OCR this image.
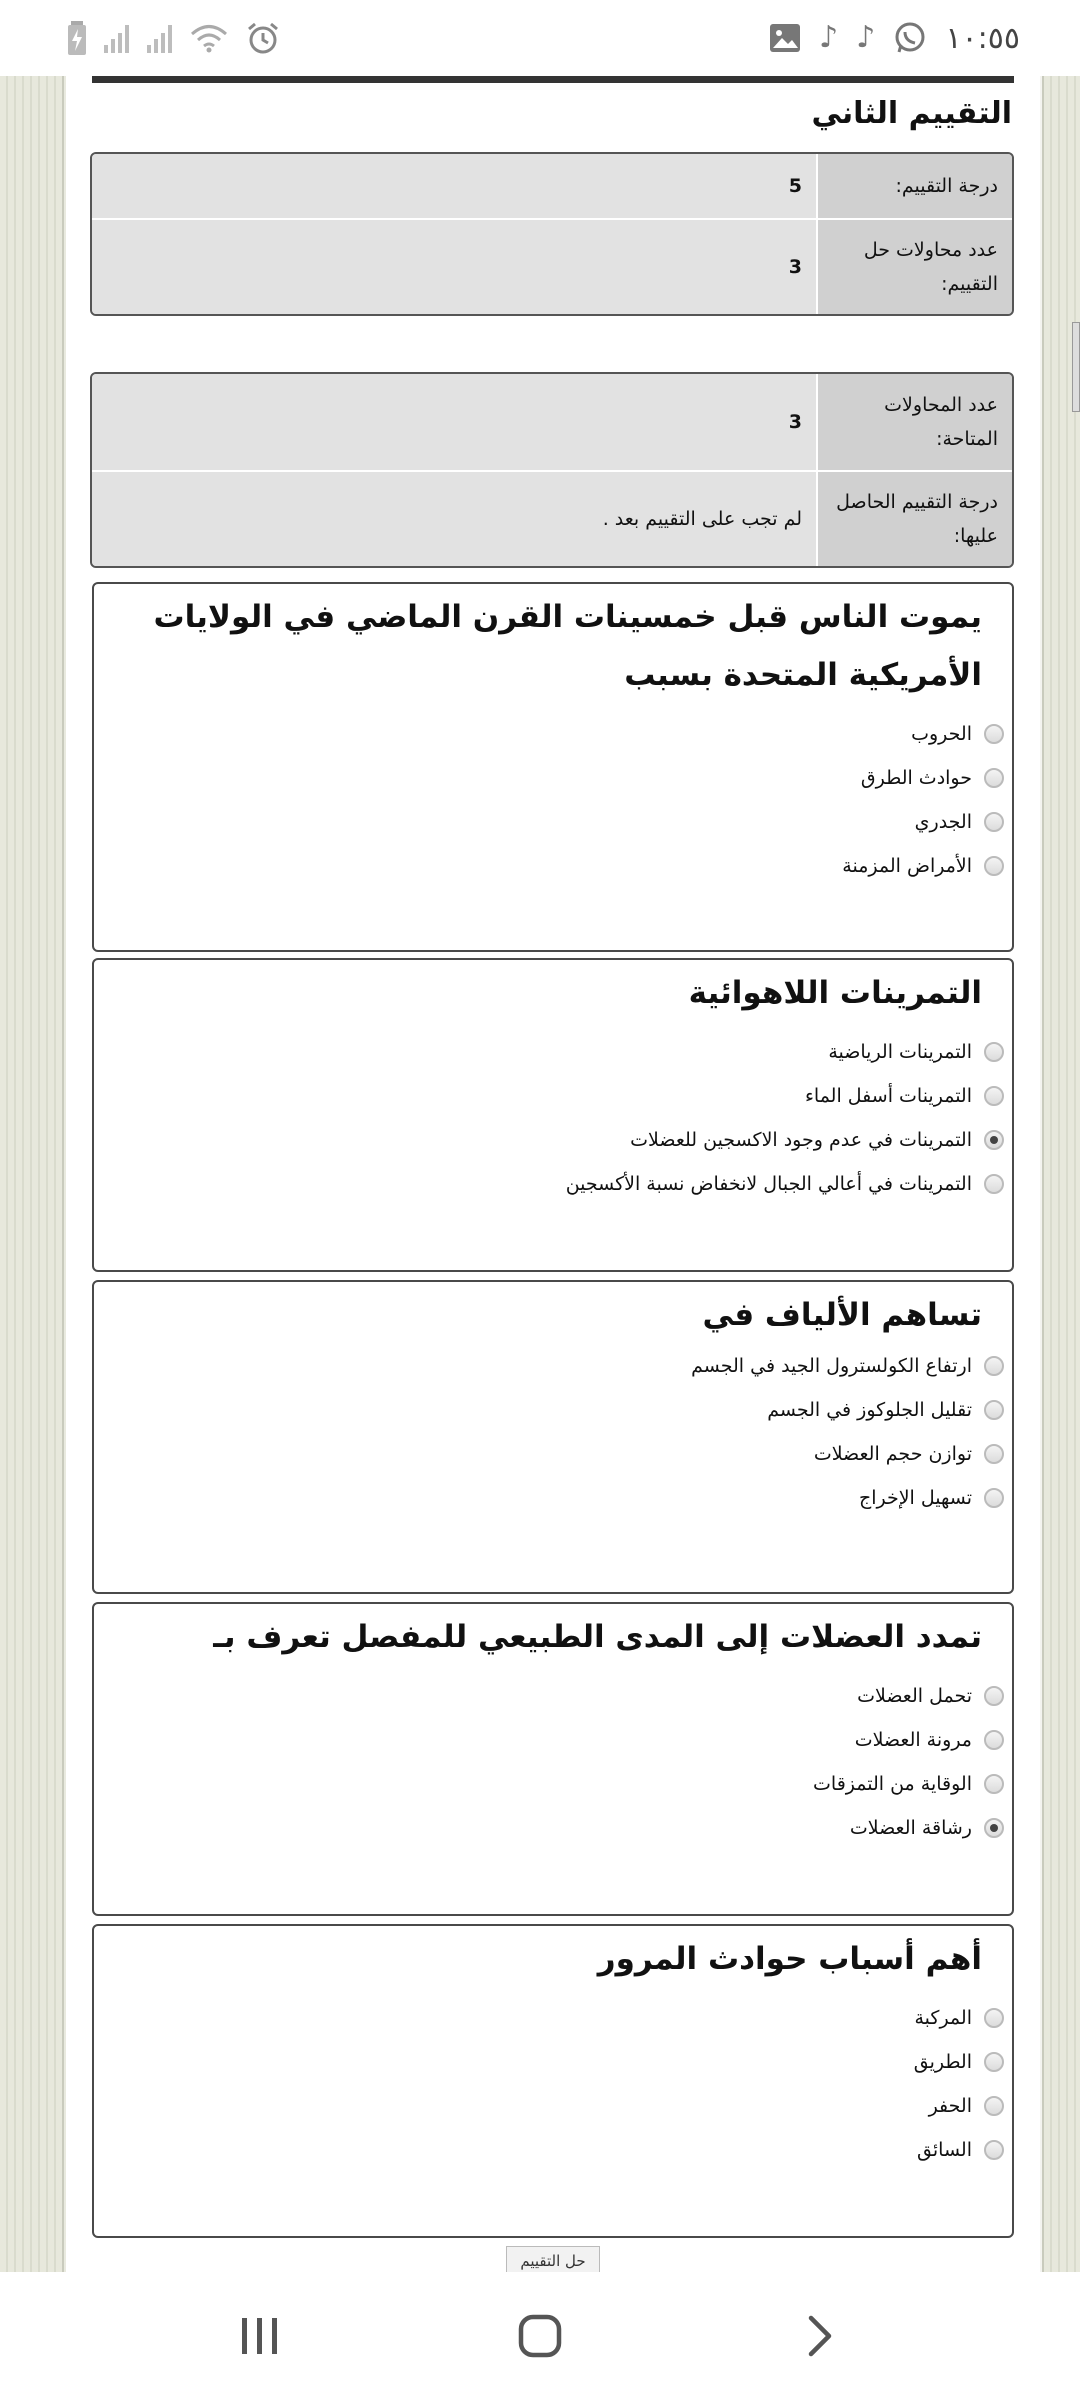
♪ ♪ ١٠:٥٥
التقييم الثاني
درجة التقييم:
5
عدد محاولات حل التقييم:
3
عدد المحاولات المتاحة:
3
درجة التقييم الحاصل عليها:
لم تجب على التقييم بعد .
يموت الناس قبل خمسينات القرن الماضي في الولايات الأمريكية المتحدة بسبب
الحروب
حوادث الطرق
الجدري
الأمراض المزمنة
التمرينات اللاهوائية
التمرينات الرياضية
التمرينات أسفل الماء
التمرينات في عدم وجود الاكسجين للعضلات
التمرينات في أعالي الجبال لانخفاض نسبة الأكسجين
تساهم الألياف في
ارتفاع الكولسترول الجيد في الجسم
تقليل الجلوكوز في الجسم
توازن حجم العضلات
تسهيل الإخراج
تمدد العضلات إلى المدى الطبيعي للمفصل تعرف بـ
تحمل العضلات
مرونة العضلات
الوقاية من التمزقات
رشاقة العضلات
أهم أسباب حوادث المرور
المركبة
الطريق
الحفر
السائق
حل التقييم
